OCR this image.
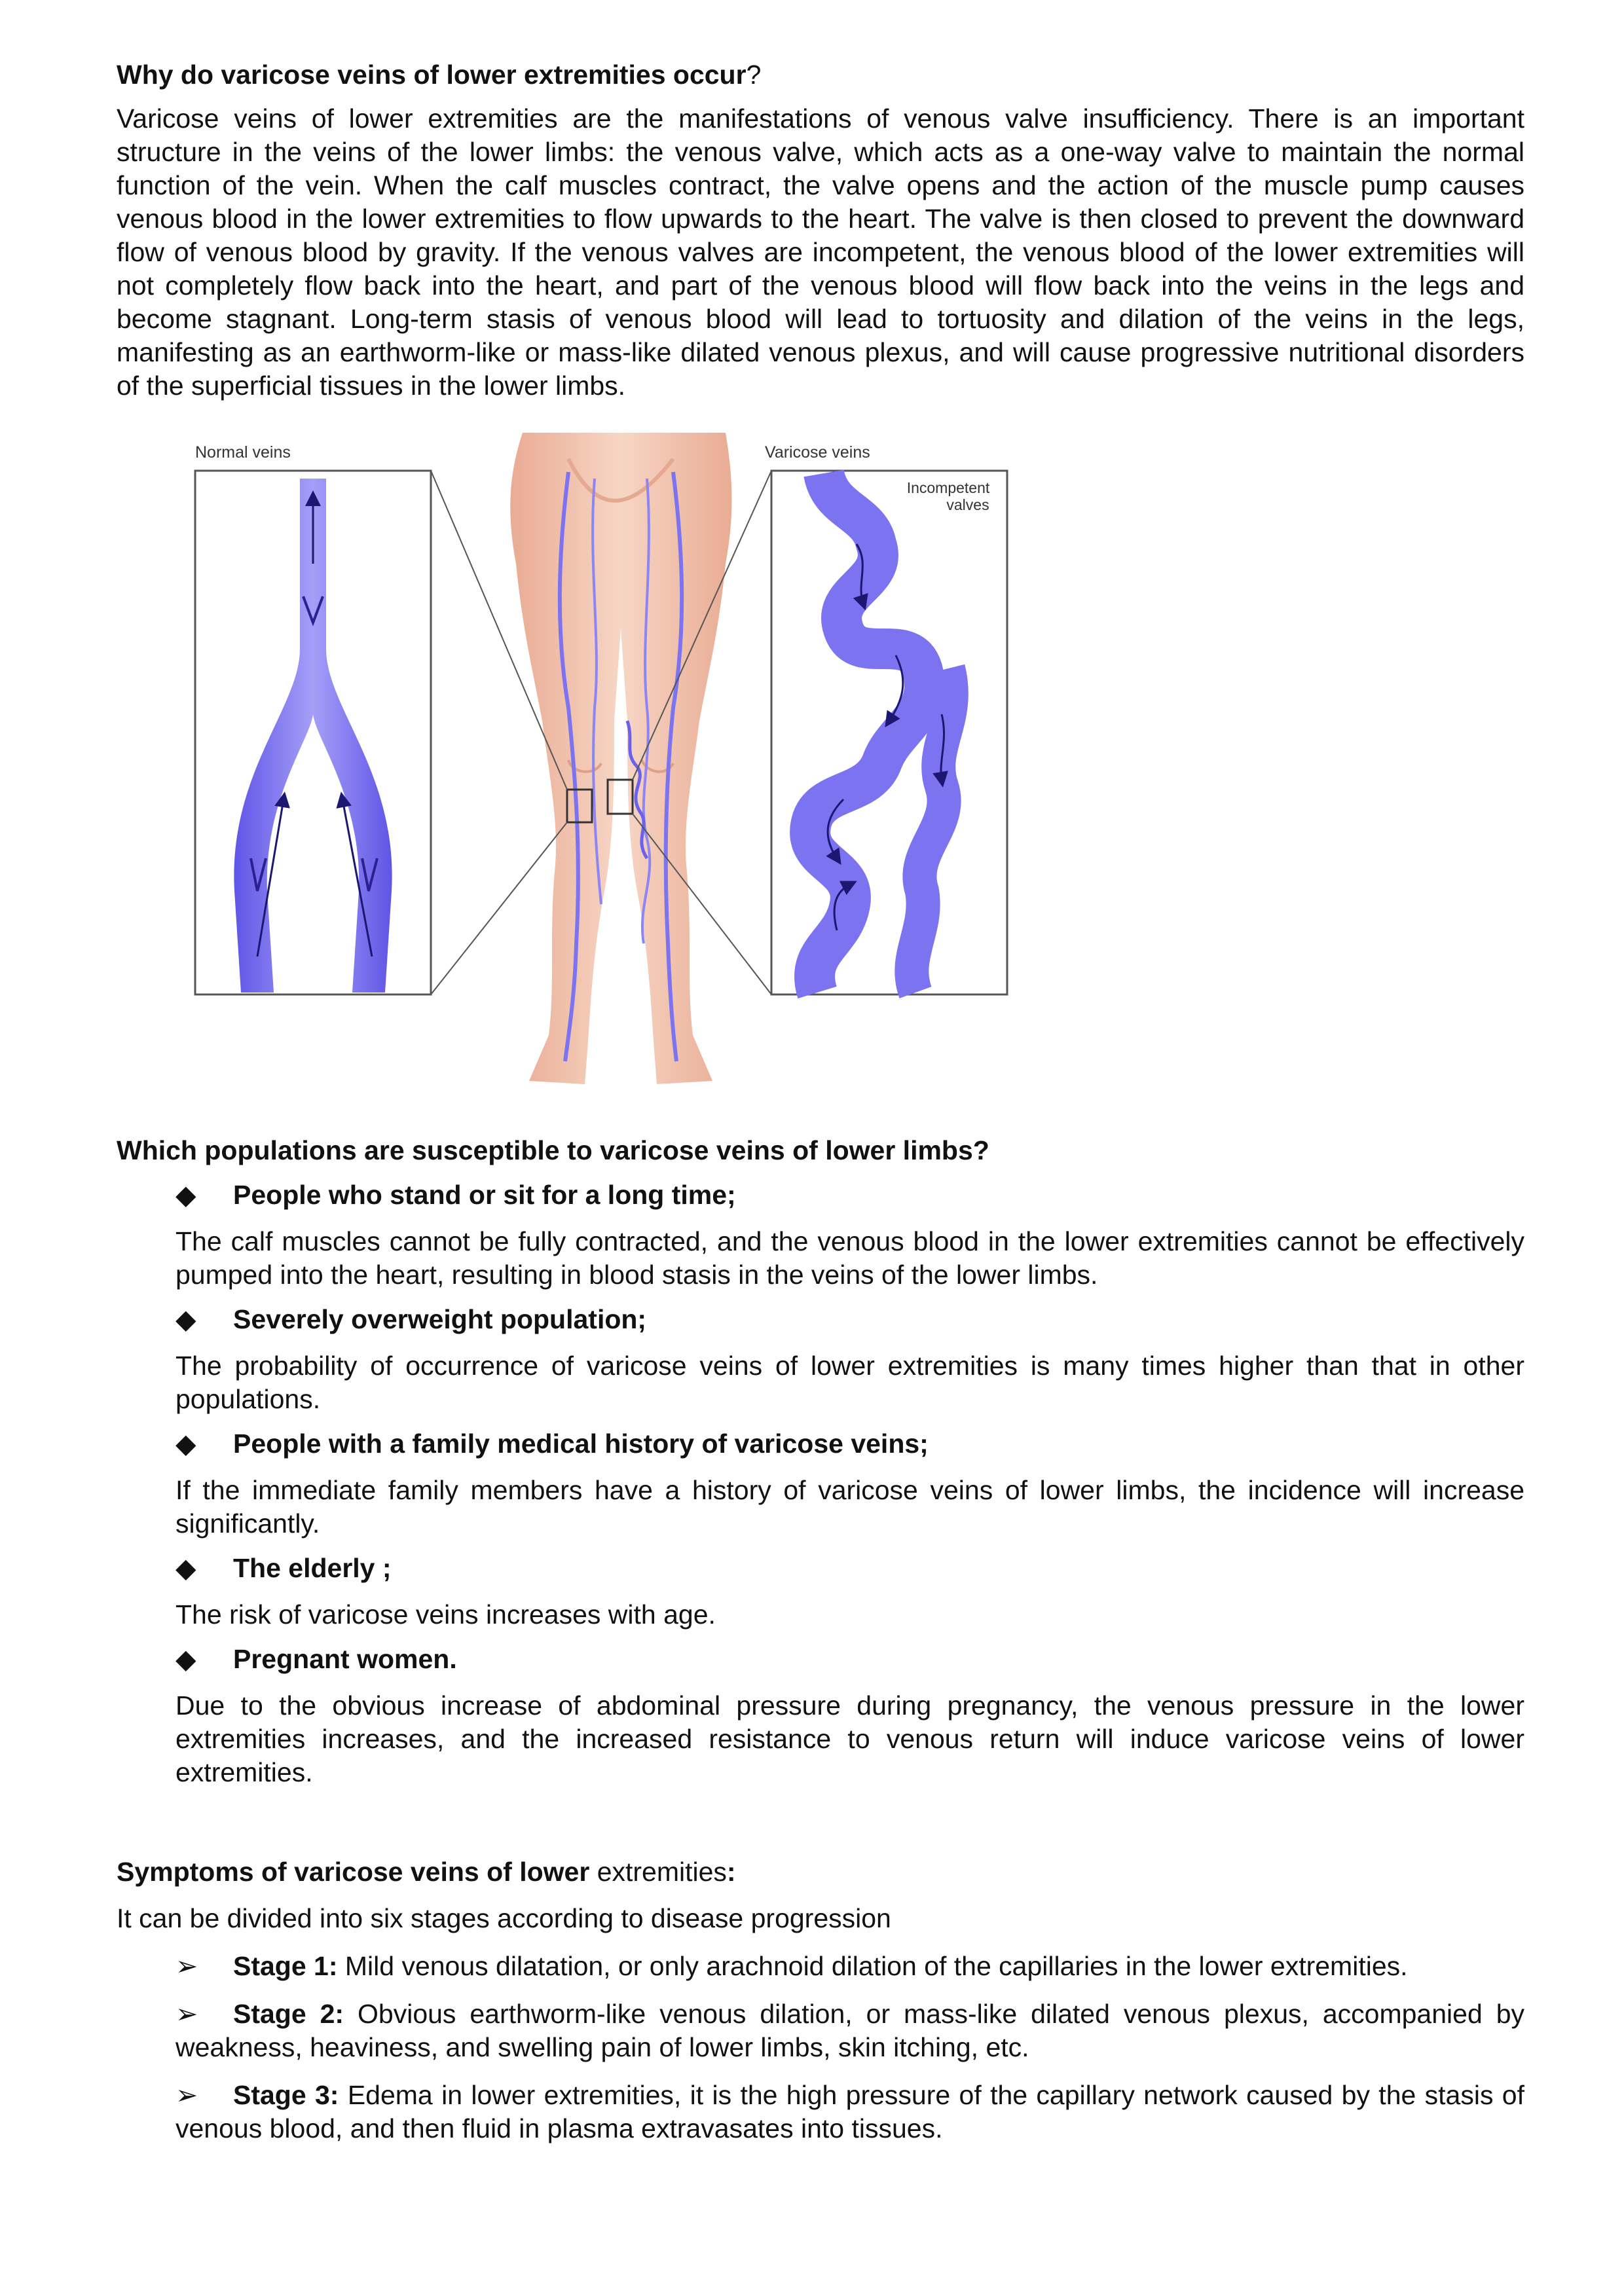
Why do varicose veins of lower extremities occur?

Varicose veins of lower extremities are the manifestations of venous valve insufficiency. There is an important structure in the veins of the lower limbs: the venous valve, which acts as a one-way valve to maintain the normal function of the vein. When the calf muscles contract, the valve opens and the action of the muscle pump causes venous blood in the lower extremities to flow upwards to the heart. The valve is then closed to prevent the downward flow of venous blood by gravity. If the venous valves are incompetent, the venous blood of the lower extremities will not completely flow back into the heart, and part of the venous blood will flow back into the veins in the legs and become stagnant. Long-term stasis of venous blood will lead to tortuosity and dilation of the veins in the legs, manifesting as an earthworm-like or mass-like dilated venous plexus, and will cause progressive nutritional disorders of the superficial tissues in the lower limbs.

Normal veins	Varicose veins
Incompetent
valves
Which populations are susceptible to varicose veins of lower limbs?
◆	People who stand or sit for a long time;

The calf muscles cannot be fully contracted, and the venous blood in the lower extremities cannot be effectively pumped into the heart, resulting in blood stasis in the veins of the lower limbs.

◆	Severely overweight population;

The probability of occurrence of varicose veins of lower extremities is many times higher than that in other populations.

◆	People with a family medical history of varicose veins;

If the immediate family members have a history of varicose veins of lower limbs, the incidence will increase significantly.

◆	The elderly ;

The risk of varicose veins increases with age.

◆	Pregnant women.

Due to the obvious increase of abdominal pressure during pregnancy, the venous pressure in the lower extremities increases, and the increased resistance to venous return will induce varicose veins of lower extremities.

Symptoms of varicose veins of lower extremities:

It can be divided into six stages according to disease progression

➢ Stage 1: Mild venous dilatation, or only arachnoid dilation of the capillaries in the lower extremities.

➢ Stage 2: Obvious earthworm-like venous dilation, or mass-like dilated venous plexus, accompanied by weakness, heaviness, and swelling pain of lower limbs, skin itching, etc.

➢ Stage 3: Edema in lower extremities, it is the high pressure of the capillary network caused by the stasis of venous blood, and then fluid in plasma extravasates into tissues.
